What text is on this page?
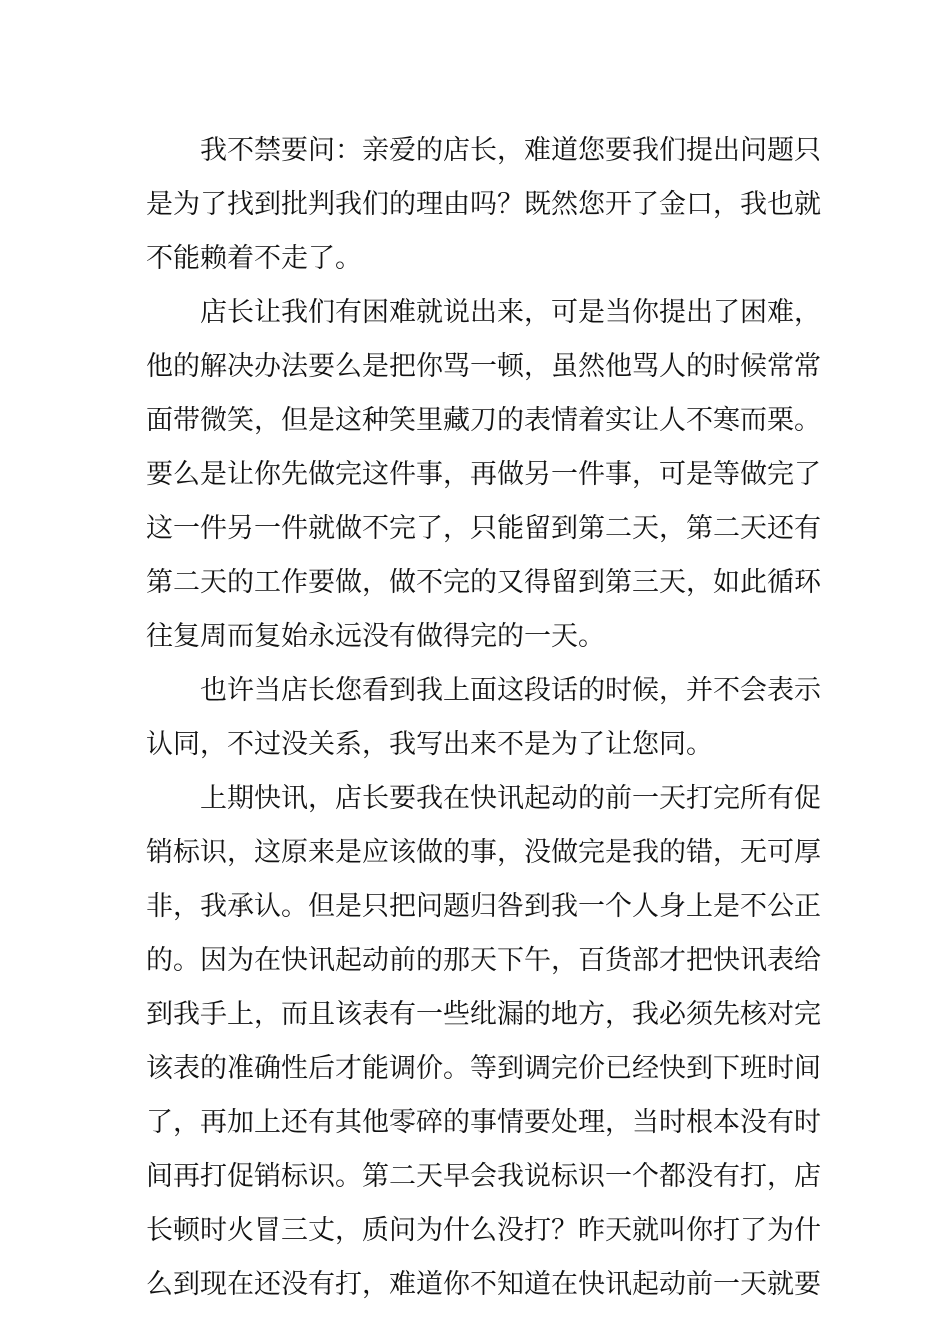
我不禁要问：亲爱的店长，难道您要我们提出问题只
是为了找到批判我们的理由吗？既然您开了金口，我也就
不能赖着不走了。
店长让我们有困难就说出来，可是当你提出了困难，
他的解决办法要么是把你骂一顿，虽然他骂人的时候常常
面带微笑，但是这种笑里藏刀的表情着实让人不寒而栗。
要么是让你先做完这件事，再做另一件事，可是等做完了
这一件另一件就做不完了，只能留到第二天，第二天还有
第二天的工作要做，做不完的又得留到第三天，如此循环
往复周而复始永远没有做得完的一天。
也许当店长您看到我上面这段话的时候，并不会表示
认同，不过没关系，我写出来不是为了让您同。
上期快讯，店长要我在快讯起动的前一天打完所有促
销标识，这原来是应该做的事，没做完是我的错，无可厚
非，我承认。但是只把问题归咎到我一个人身上是不公正
的。因为在快讯起动前的那天下午，百货部才把快讯表给
到我手上，而且该表有一些纰漏的地方，我必须先核对完
该表的准确性后才能调价。等到调完价已经快到下班时间
了，再加上还有其他零碎的事情要处理，当时根本没有时
间再打促销标识。第二天早会我说标识一个都没有打，店
长顿时火冒三丈，质问为什么没打？昨天就叫你打了为什
么到现在还没有打，难道你不知道在快讯起动前一天就要
